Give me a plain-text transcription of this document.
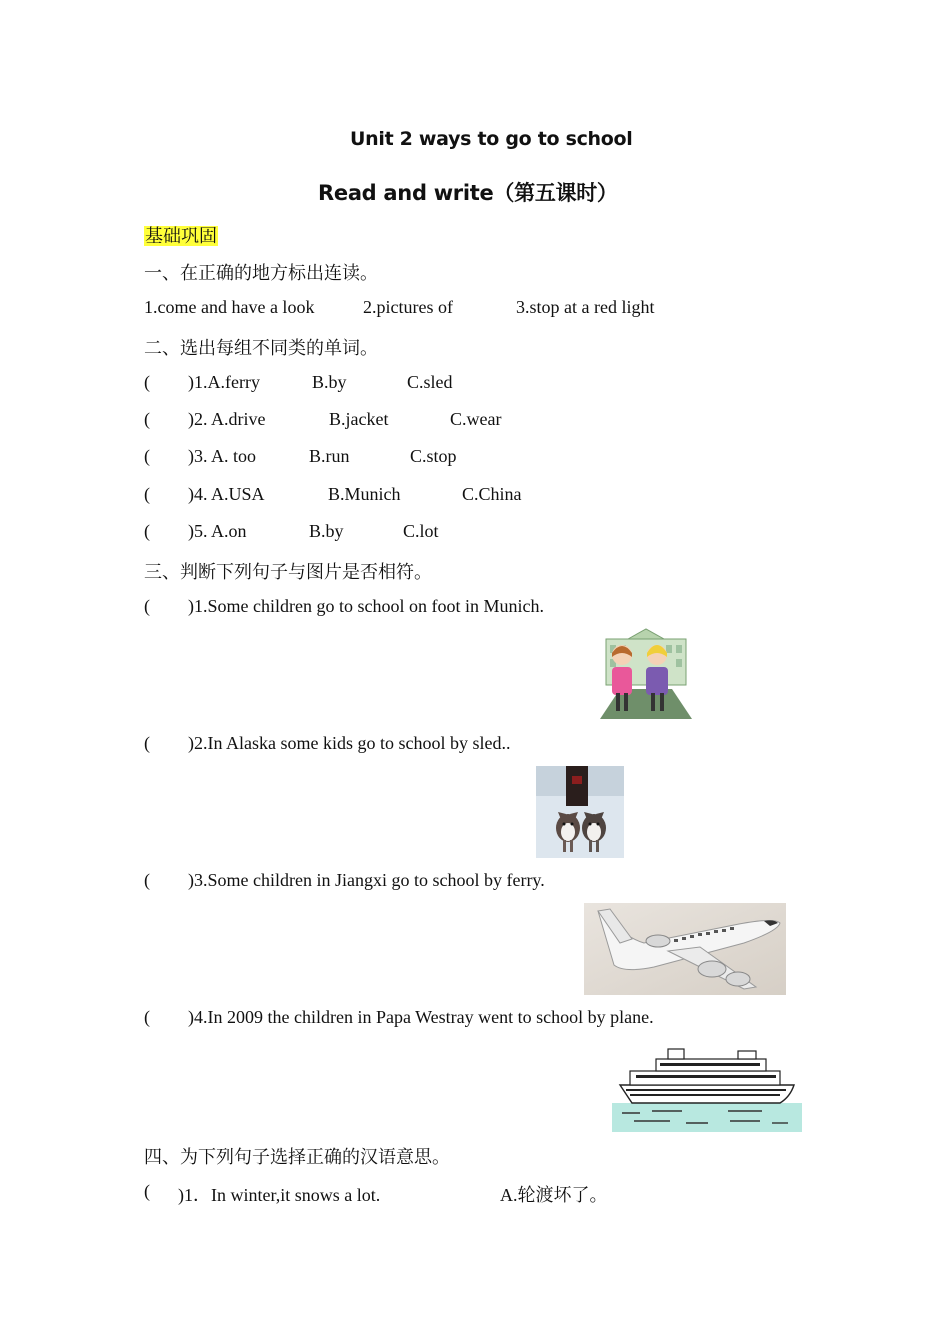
Unit 2 ways to go to school
Read and write（第五课时）
基础巩固
一、在正确的地方标出连读。
1.come and have a look	2.pictures of	3.stop at a red light
二、选出每组不同类的单词。
( )1.A.ferry	B.by	C.sled
( )2. A.drive	B.jacket	C.wear
( )3. A. too	B.run	C.stop
( )4. A.USA	B.Munich	C.China
( )5. A.on	B.by	C.lot
三、判断下列句子与图片是否相符。
( )1.Some children go to school on foot in Munich.
( )2.In Alaska some kids go to school by sled..
( )3.Some children in Jiangxi go to school by ferry.
( )4.In 2009 the children in Papa Westray went to school by plane.
四、为下列句子选择正确的汉语意思。
( )1．In winter,it snows a lot.	A.轮渡坏了。
